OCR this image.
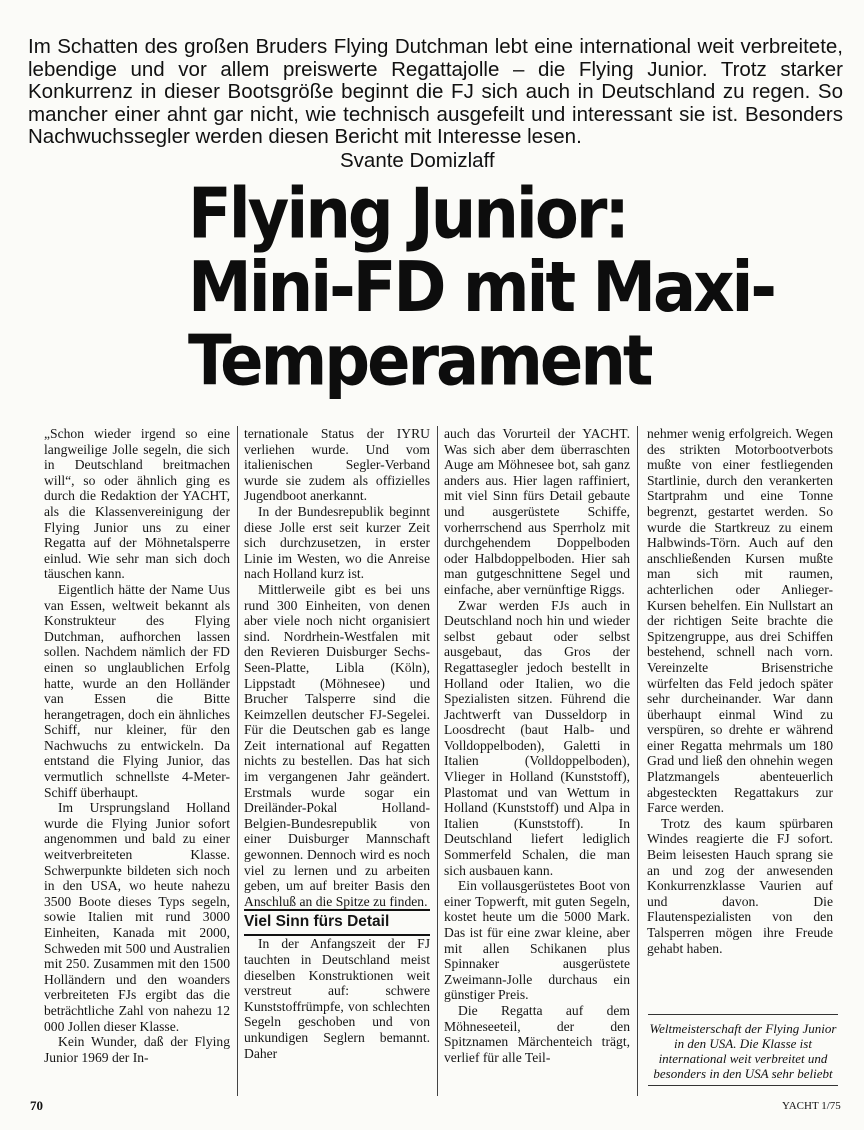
Im Schatten des großen Bruders Flying Dutchman lebt eine international weit verbreitete, lebendige und vor allem preiswerte Regattajolle – die Flying Junior. Trotz starker Konkurrenz in dieser Bootsgröße beginnt die FJ sich auch in Deutschland zu regen. So mancher einer ahnt gar nicht, wie technisch ausgefeilt und interessant sie ist. Besonders Nachwuchssegler werden diesen Bericht mit Interesse lesen.
Svante Domizlaff
Flying Junior:
Mini-FD mit Maxi-
Temperament

„Schon wieder irgend so eine langweilige Jolle segeln, die sich in Deutschland breitmachen will“, so oder ähnlich ging es durch die Redaktion der YACHT, als die Klassenvereinigung der Flying Junior uns zu einer Regatta auf der Möhnetalsperre einlud. Wie sehr man sich doch täuschen kann.

Eigentlich hätte der Name Uus van Essen, weltweit bekannt als Konstrukteur des Flying Dutchman, aufhorchen lassen sollen. Nachdem nämlich der FD einen so unglaublichen Erfolg hatte, wurde an den Holländer van Essen die Bitte herangetragen, doch ein ähnliches Schiff, nur kleiner, für den Nachwuchs zu entwickeln. Da entstand die Flying Junior, das vermutlich schnellste 4-Meter-Schiff überhaupt.

Im Ursprungsland Holland wurde die Flying Junior sofort angenommen und bald zu einer weitverbreiteten Klasse. Schwerpunkte bildeten sich noch in den USA, wo heute nahezu 3500 Boote dieses Typs segeln, sowie Italien mit rund 3000 Einheiten, Kanada mit 2000, Schweden mit 500 und Australien mit 250. Zusammen mit den 1500 Holländern und den woanders verbreiteten FJs ergibt das die beträchtliche Zahl von nahezu 12 000 Jollen dieser Klasse.

Kein Wunder, daß der Flying Junior 1969 der In-

ternationale Status der IYRU verliehen wurde. Und vom italienischen Segler-Verband wurde sie zudem als offizielles Jugendboot anerkannt.

In der Bundesrepublik beginnt diese Jolle erst seit kurzer Zeit sich durchzusetzen, in erster Linie im Westen, wo die Anreise nach Holland kurz ist.

Mittlerweile gibt es bei uns rund 300 Einheiten, von denen aber viele noch nicht organisiert sind. Nordrhein-Westfalen mit den Revieren Duisburger Sechs-Seen-Platte, Libla (Köln), Lippstadt (Möhnesee) und Brucher Talsperre sind die Keimzellen deutscher FJ-Segelei. Für die Deutschen gab es lange Zeit international auf Regatten nichts zu bestellen. Das hat sich im vergangenen Jahr geändert. Erstmals wurde sogar ein Dreiländer-Pokal Holland-Belgien-Bundesrepublik von einer Duisburger Mannschaft gewonnen. Dennoch wird es noch viel zu lernen und zu arbeiten geben, um auf breiter Basis den Anschluß an die Spitze zu finden.

Viel Sinn fürs Detail

In der Anfangszeit der FJ tauchten in Deutschland meist dieselben Konstruktionen weit verstreut auf: schwere Kunststoffrümpfe, von schlechten Segeln geschoben und von unkundigen Seglern bemannt. Daher

auch das Vorurteil der YACHT. Was sich aber dem überraschten Auge am Möhnesee bot, sah ganz anders aus. Hier lagen raffiniert, mit viel Sinn fürs Detail gebaute und ausgerüstete Schiffe, vorherrschend aus Sperrholz mit durchgehendem Doppelboden oder Halbdoppelboden. Hier sah man gutgeschnittene Segel und einfache, aber vernünftige Riggs.

Zwar werden FJs auch in Deutschland noch hin und wieder selbst gebaut oder selbst ausgebaut, das Gros der Regattasegler jedoch bestellt in Holland oder Italien, wo die Spezialisten sitzen. Führend die Jachtwerft van Dusseldorp in Loosdrecht (baut Halb- und Volldoppelboden), Galetti in Italien (Volldoppelboden), Vlieger in Holland (Kunststoff), Plastomat und van Wettum in Holland (Kunststoff) und Alpa in Italien (Kunststoff). In Deutschland liefert lediglich Sommerfeld Schalen, die man sich ausbauen kann.

Ein vollausgerüstetes Boot von einer Topwerft, mit guten Segeln, kostet heute um die 5000 Mark. Das ist für eine zwar kleine, aber mit allen Schikanen plus Spinnaker ausgerüstete Zweimann-Jolle durchaus ein günstiger Preis.

Die Regatta auf dem Möhneseeteil, der den Spitznamen Märchenteich trägt, verlief für alle Teil-

nehmer wenig erfolgreich. Wegen des strikten Motorbootverbots mußte von einer festliegenden Startlinie, durch den verankerten Startprahm und eine Tonne begrenzt, gestartet werden. So wurde die Startkreuz zu einem Halbwinds-Törn. Auch auf den anschließenden Kursen mußte man sich mit raumen, achterlichen oder Anlieger-Kursen behelfen. Ein Nullstart an der richtigen Seite brachte die Spitzengruppe, aus drei Schiffen bestehend, schnell nach vorn. Vereinzelte Brisenstriche würfelten das Feld jedoch später sehr durcheinander. War dann überhaupt einmal Wind zu verspüren, so drehte er während einer Regatta mehrmals um 180 Grad und ließ den ohnehin wegen Platzmangels abenteuerlich abgesteckten Regattakurs zur Farce werden.

Trotz des kaum spürbaren Windes reagierte die FJ sofort. Beim leisesten Hauch sprang sie an und zog der anwesenden Konkurrenzklasse Vaurien auf und davon. Die Flautenspezialisten von den Talsperren mögen ihre Freude gehabt haben.

Weltmeisterschaft der Flying Junior in den USA. Die Klasse ist international weit verbreitet und besonders in den USA sehr beliebt
70	YACHT 1/75
